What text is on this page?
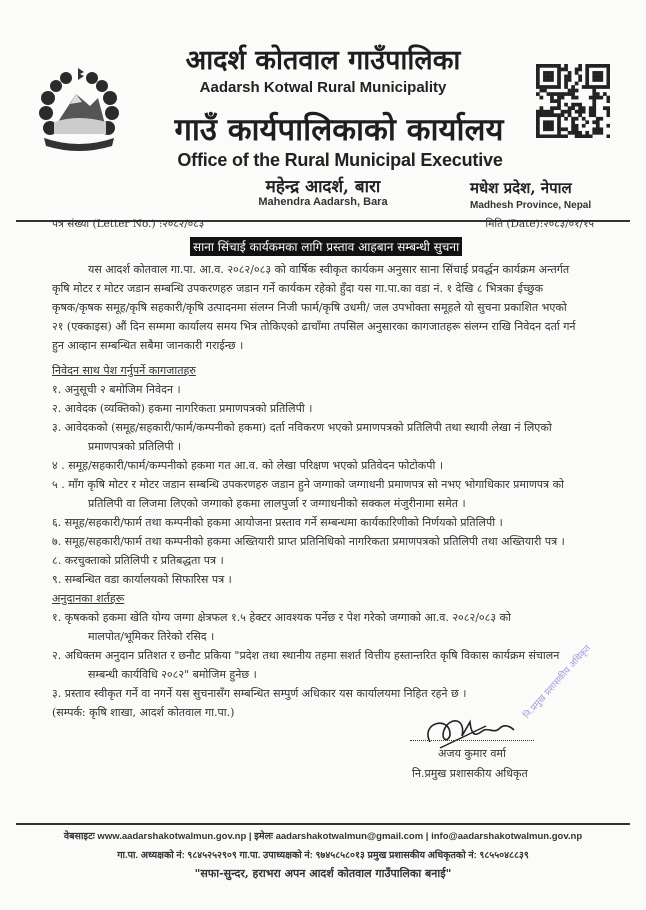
आदर्श कोतवाल गाउँपालिका
Aadarsh Kotwal Rural Municipality
गाउँ कार्यपालिकाको कार्यालय
Office of the Rural Municipal Executive
महेन्द्र आदर्श, बारा
Mahendra Aadarsh, Bara
मधेश प्रदेश, नेपाल
Madhesh Province, Nepal
पत्र संख्या (Letter No.) :२०८२/०८३	मिति (Date):२०८३/०१/१५
साना सिंचाई कार्यकमका लागि प्रस्ताव आहबान सम्बन्धी सुचना
यस आदर्श कोतवाल गा.पा. आ.व. २०८२/०८३ को वार्षिक स्वीकृत कार्यकम अनुसार साना सिंचाई प्रवर्द्धन कार्यक्रम अन्तर्गत
कृषि मोटर र मोटर जडान सम्बन्धि उपकरणहरु जडान गर्ने कार्यकम रहेको हुँदा यस गा.पा.का वडा नं. १ देखि ८ भित्रका ईच्छुक
कृषक/कृषक समूह/कृषि सहकारी/कृषि उत्पादनमा संलग्न निजी फार्म/कृषि उधमी/ जल उपभोक्ता समूहले यो सुचना प्रकाशित भएको
२१ (एक्काइस) औं दिन सम्ममा कार्यालय समय भित्र तोकिएको ढाचाँमा तपसिल अनुसारका कागजातहरू संलग्न राखि निवेदन दर्ता गर्न
हुन आव्हान सम्बन्धित सबैमा जानकारी गराईन्छ ।
निवेदन साथ पेश गर्नुपर्ने कागजातहरु
१. अनुसूची २ बमोजिम निवेदन ।
२. आवेदक (व्यक्तिको) हकमा नागरिकता प्रमाणपत्रको प्रतिलिपी ।
३. आवेदकको (समूह/सहकारी/फार्म/कम्पनीको हकमा) दर्ता नविकरण भएको प्रमाणपत्रको प्रतिलिपी तथा स्थायी लेखा नं लिएको
प्रमाणपत्रको प्रतिलिपी ।
४ . समूह/सहकारी/फार्म/कम्पनीको हकमा गत आ.व. को लेखा परिक्षण भएको प्रतिवेदन फोटोकपी ।
५ . माँग कृषि मोटर र मोटर जडान सम्बन्धि उपकरणहरु जडान हुने जग्गाको जग्गाधनी प्रमाणपत्र सो नभए भोगाधिकार प्रमाणपत्र को
प्रतिलिपी वा लिजमा लिएको जग्गाको हकमा लालपुर्जा र जग्गाधनीको सक्कल मंजुरीनामा समेत ।
६. समूह/सहकारी/फार्म तथा कम्पनीको हकमा आयोजना प्रस्ताव गर्ने सम्बन्धमा कार्यकारिणीको निर्णयको प्रतिलिपी ।
७. समूह/सहकारी/फार्म तथा कम्पनीको हकमा अख्तियारी प्राप्त प्रतिनिधिको नागरिकता प्रमाणपत्रको प्रतिलिपी तथा अख्तियारी पत्र ।
८. करचुक्ताको प्रतिलिपी र प्रतिबद्धता पत्र ।
९. सम्बन्धित वडा कार्यालयको सिफारिस पत्र ।
अनुदानका शर्तहरू
१. कृषकको हकमा खेति योग्य जग्गा क्षेत्रफल १.५ हेक्टर आवश्यक पर्नेछ र पेश गरेको जग्गाको आ.व. २०८२/०८३ को
मालपोत/भूमिकर तिरेको रसिद ।
२. अधिक्तम अनुदान प्रतिशत र छनौट प्रकिया "प्रदेश तथा स्थानीय तहमा सशर्त वित्तीय हस्तान्तरित कृषि विकास कार्यक्रम संचालन
सम्बन्धी कार्यविधि २०८२" बमोजिम हुनेछ ।
३. प्रस्ताव स्वीकृत गर्ने वा नगर्ने यस सुचनासँग सम्बन्धित सम्पुर्ण अधिकार यस कार्यालयमा निहित रहने छ ।
(सम्पर्क: कृषि शाखा, आदर्श कोतवाल गा.पा.)	नि.प्रमुख प्रशासकीय अधिकृत
अजय कुमार वर्मा
नि.प्रमुख प्रशासकीय अधिकृत
वेबसाइटः www.aadarshakotwalmun.gov.np | इमेलः aadarshakotwalmun@gmail.com | info@aadarshakotwalmun.gov.np
गा.पा. अध्यक्षको नं: ९८४५२५२९०९ गा.पा. उपाध्यक्षको नं: ९७४५८५८०१३ प्रमुख प्रशासकीय अधिकृतको नं: ९८५५०४८८३९
"सफा-सुन्दर, हराभरा अपन आदर्श कोतवाल गाउँपालिका बनाई"
